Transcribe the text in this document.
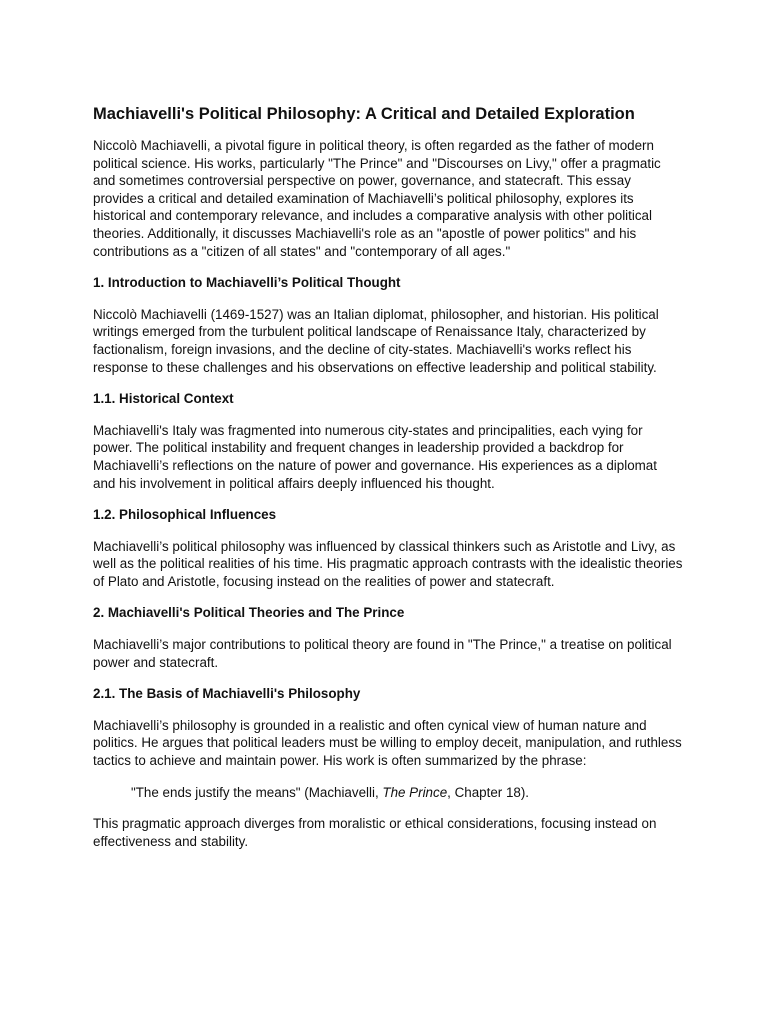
Machiavelli's Political Philosophy: A Critical and Detailed Exploration

Niccolò Machiavelli, a pivotal figure in political theory, is often regarded as the father of modern political science. His works, particularly "The Prince" and "Discourses on Livy," offer a pragmatic and sometimes controversial perspective on power, governance, and statecraft. This essay provides a critical and detailed examination of Machiavelli’s political philosophy, explores its historical and contemporary relevance, and includes a comparative analysis with other political theories. Additionally, it discusses Machiavelli's role as an "apostle of power politics" and his contributions as a "citizen of all states" and "contemporary of all ages."

1. Introduction to Machiavelli’s Political Thought

Niccolò Machiavelli (1469-1527) was an Italian diplomat, philosopher, and historian. His political writings emerged from the turbulent political landscape of Renaissance Italy, characterized by factionalism, foreign invasions, and the decline of city-states. Machiavelli's works reflect his response to these challenges and his observations on effective leadership and political stability.

1.1. Historical Context

Machiavelli's Italy was fragmented into numerous city-states and principalities, each vying for power. The political instability and frequent changes in leadership provided a backdrop for Machiavelli’s reflections on the nature of power and governance. His experiences as a diplomat and his involvement in political affairs deeply influenced his thought.

1.2. Philosophical Influences

Machiavelli’s political philosophy was influenced by classical thinkers such as Aristotle and Livy, as well as the political realities of his time. His pragmatic approach contrasts with the idealistic theories of Plato and Aristotle, focusing instead on the realities of power and statecraft.

2. Machiavelli's Political Theories and The Prince

Machiavelli’s major contributions to political theory are found in "The Prince," a treatise on political power and statecraft.

2.1. The Basis of Machiavelli's Philosophy

Machiavelli’s philosophy is grounded in a realistic and often cynical view of human nature and politics. He argues that political leaders must be willing to employ deceit, manipulation, and ruthless tactics to achieve and maintain power. His work is often summarized by the phrase:

"The ends justify the means" (Machiavelli, The Prince, Chapter 18).

This pragmatic approach diverges from moralistic or ethical considerations, focusing instead on effectiveness and stability.
